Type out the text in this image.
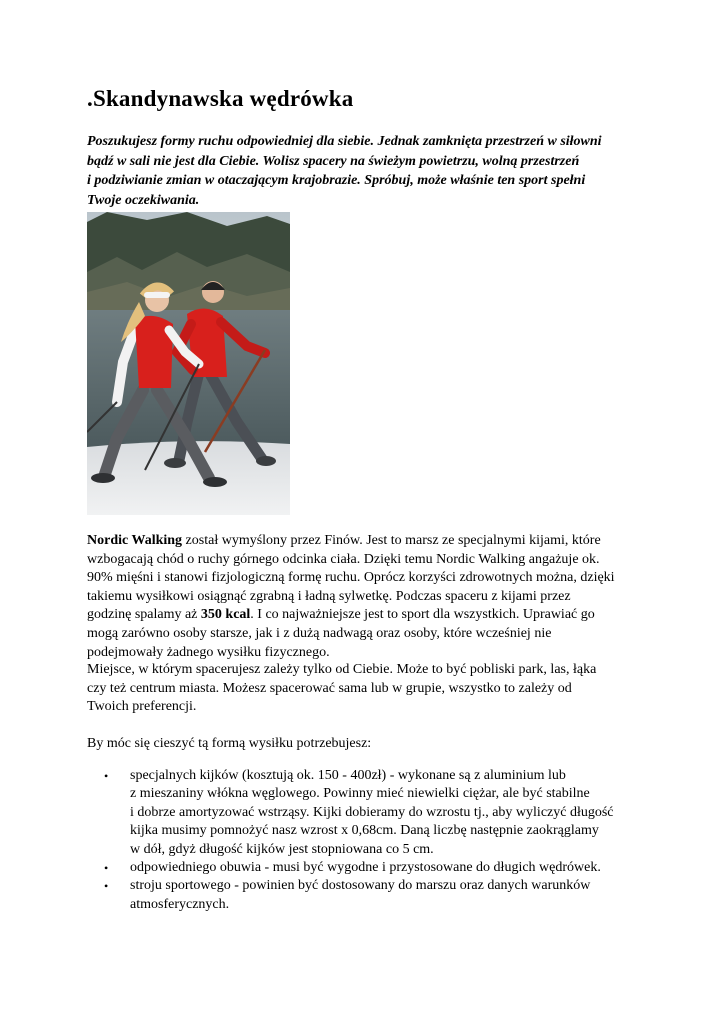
.Skandynawska wędrówka

Poszukujesz formy ruchu odpowiedniej dla siebie. Jednak zamknięta przestrzeń w siłowni
bądź w sali nie jest dla Ciebie. Wolisz spacery na świeżym powietrzu, wolną przestrzeń
i podziwianie zmian w otaczającym krajobrazie. Spróbuj, może właśnie ten sport spełni
Twoje oczekiwania.

Nordic Walking został wymyślony przez Finów. Jest to marsz ze specjalnymi kijami, które
wzbogacają chód o ruchy górnego odcinka ciała. Dzięki temu Nordic Walking angażuje ok.
90% mięśni i stanowi fizjologiczną formę ruchu. Oprócz korzyści zdrowotnych można, dzięki
takiemu wysiłkowi osiągnąć zgrabną i ładną sylwetkę. Podczas spaceru z kijami przez
godzinę spalamy aż 350 kcal. I co najważniejsze jest to sport dla wszystkich. Uprawiać go
mogą zarówno osoby starsze, jak i z dużą nadwagą oraz osoby, które wcześniej nie
podejmowały żadnego wysiłku fizycznego.

Miejsce, w którym spacerujesz zależy tylko od Ciebie. Może to być pobliski park, las, łąka
czy też centrum miasta. Możesz spacerować sama lub w grupie, wszystko to zależy od
Twoich preferencji.

By móc się cieszyć tą formą wysiłku potrzebujesz:

• specjalnych kijków (kosztują ok. 150 - 400zł) - wykonane są z aluminium lub
z mieszaniny włókna węglowego. Powinny mieć niewielki ciężar, ale być stabilne
i dobrze amortyzować wstrząsy. Kijki dobieramy do wzrostu tj., aby wyliczyć długość
kijka musimy pomnożyć nasz wzrost x 0,68cm. Daną liczbę następnie zaokrąglamy
w dół, gdyż długość kijków jest stopniowana co 5 cm.
• odpowiedniego obuwia - musi być wygodne i przystosowane do długich wędrówek.
• stroju sportowego - powinien być dostosowany do marszu oraz danych warunków
atmosferycznych.
